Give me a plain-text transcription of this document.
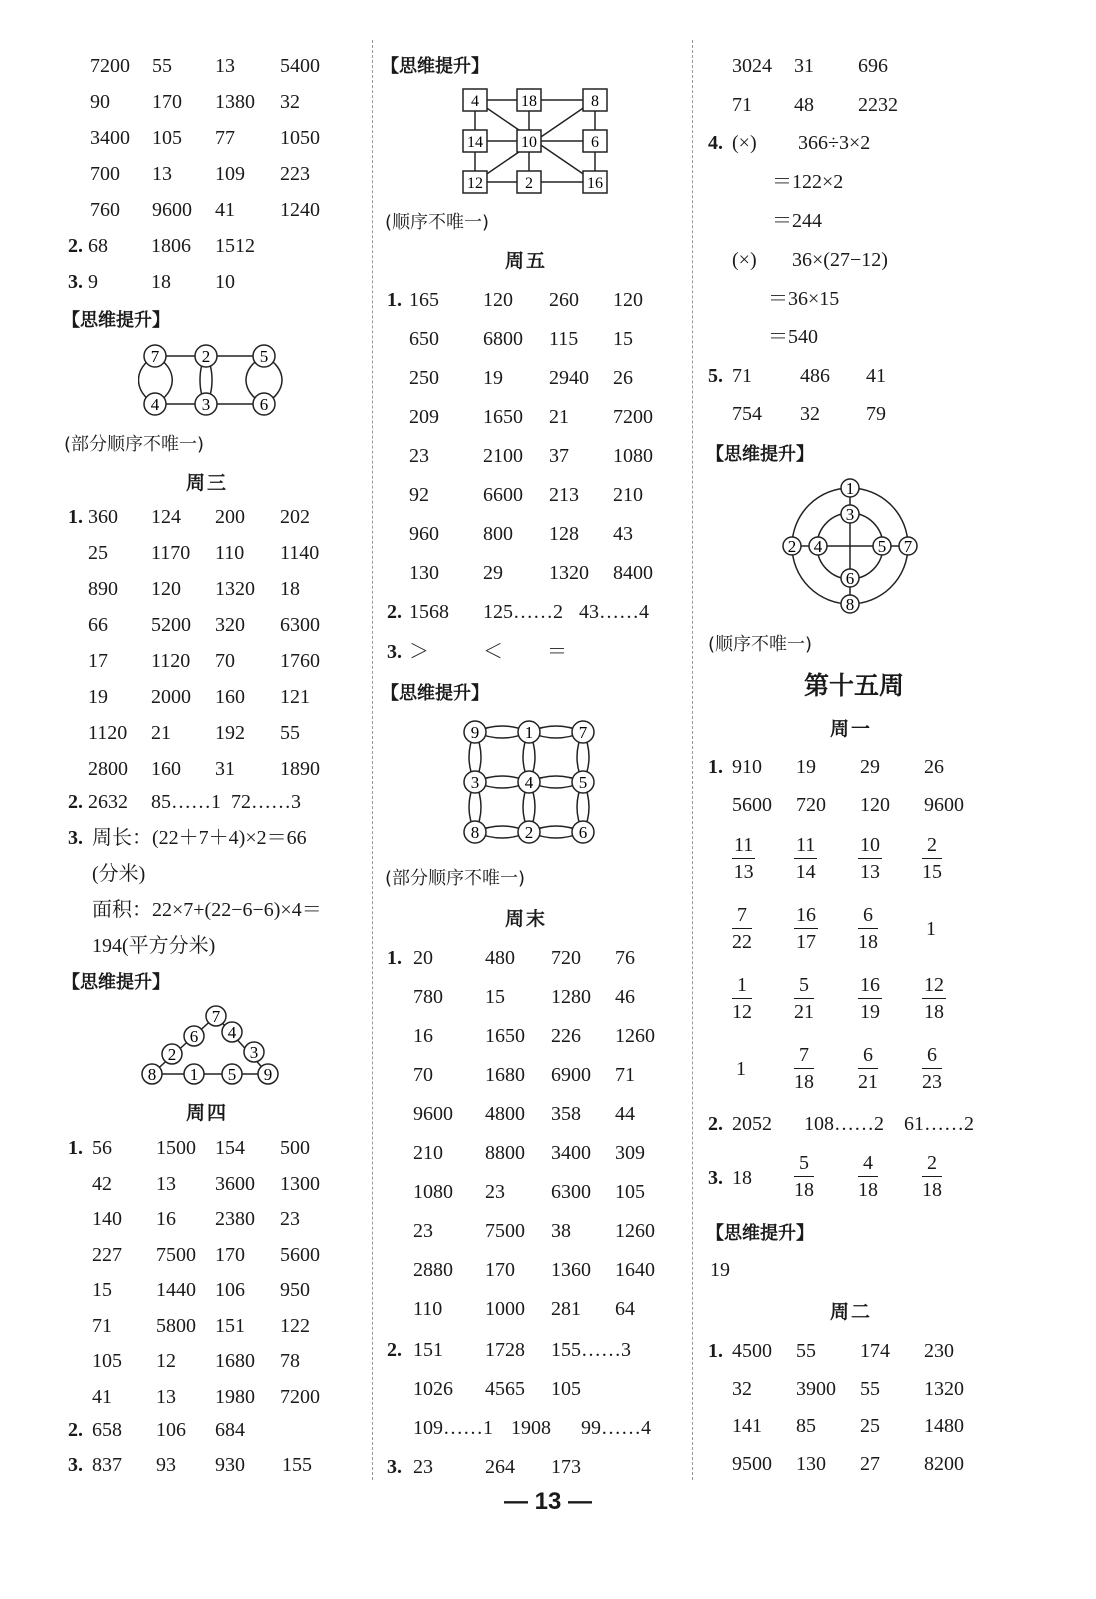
7200 55 13 5400
90 170 1380 32
3400 105 77 1050
700 13 109 223
760 9600 41 1240
2. 68 1806 1512
3. 9	18 10
【思维提升】
7	2	5
4	3	6
(部分顺序不唯一)
周三
1. 360 124 200 202
25 1170 110 1140
890 120 1320 18
66 5200 320 6300
17 1120 70 1760
19 2000 160 121
1120 21 192 55
2800 160 31 1890
2. 2632 85……1 72……3
3. 周长：(22＋7＋4)×2＝66
(分米)
面积：22×7+(22−6−6)×4＝
194(平方分米)
【思维提升】
7
6 4
2	3
8 1 5 9
周四
1. 56 1500 154 500
42 13 3600 1300
140 16 2380 23
227 7500 170 5600
15 1440 106 950
71 5800 151 122
105 12 1680 78
41 13 1980 7200
2. 658 106 684
3. 837 93 930 155
【思维提升】
4	18	8
14 10	6
12	2	16
(顺序不唯一)
周五
1. 165 120 260 120
650 6800 115 15
250 19 2940 26
209 1650 21 7200
23	2100 37 1080
92	6600 213 210
960 800 128 43
130 29 1320 8400
2. 1568 125……2 43……4
3. ＞	＜ ＝
【思维提升】
9	1	7
3	4	5
8	2	6
(部分顺序不唯一)
周末
1. 20	480 720 76
780 15 1280 46
16	1650 226 1260
70	1680 6900 71
9600 4800 358 44
210 8800 3400 309
1080 23 6300 105
23	7500 38 1260
2880 170 1360 1640
110 1000 281 64
2. 151 1728 155……3
1026 4565 105
109……1 1908 99……4
3. 23	264 173
3024 31 696
71 48 2232
4. (×) 366÷3×2
＝122×2
＝244
(×) 36×(27−12)
＝36×15
＝540
5. 71 486 41
754 32 79
【思维提升】
1
3
2 4	5 7
6
8
(顺序不唯一)
第十五周
周一
1. 910 19 29 26
5600 720 120 9600
$\frac{11}{13} \frac{11}{14} \frac{10}{13} \frac{2}{15}$
$\frac{7}{22} \frac{16}{17} \frac{6}{18} 1$
$\frac{1}{12} \frac{5}{21} \frac{16}{19} \frac{12}{18}$
$1 \frac{7}{18} \frac{6}{21} \frac{6}{23}$
2. 2052 108……2 61……2
3. $18 \frac{5}{18} \frac{4}{18} \frac{2}{18}$
【思维提升】
19
周二
1. 4500 55 174 230
32 3900 55 1320
141 85 25 1480
9500 130 27 8200
— 13 —
